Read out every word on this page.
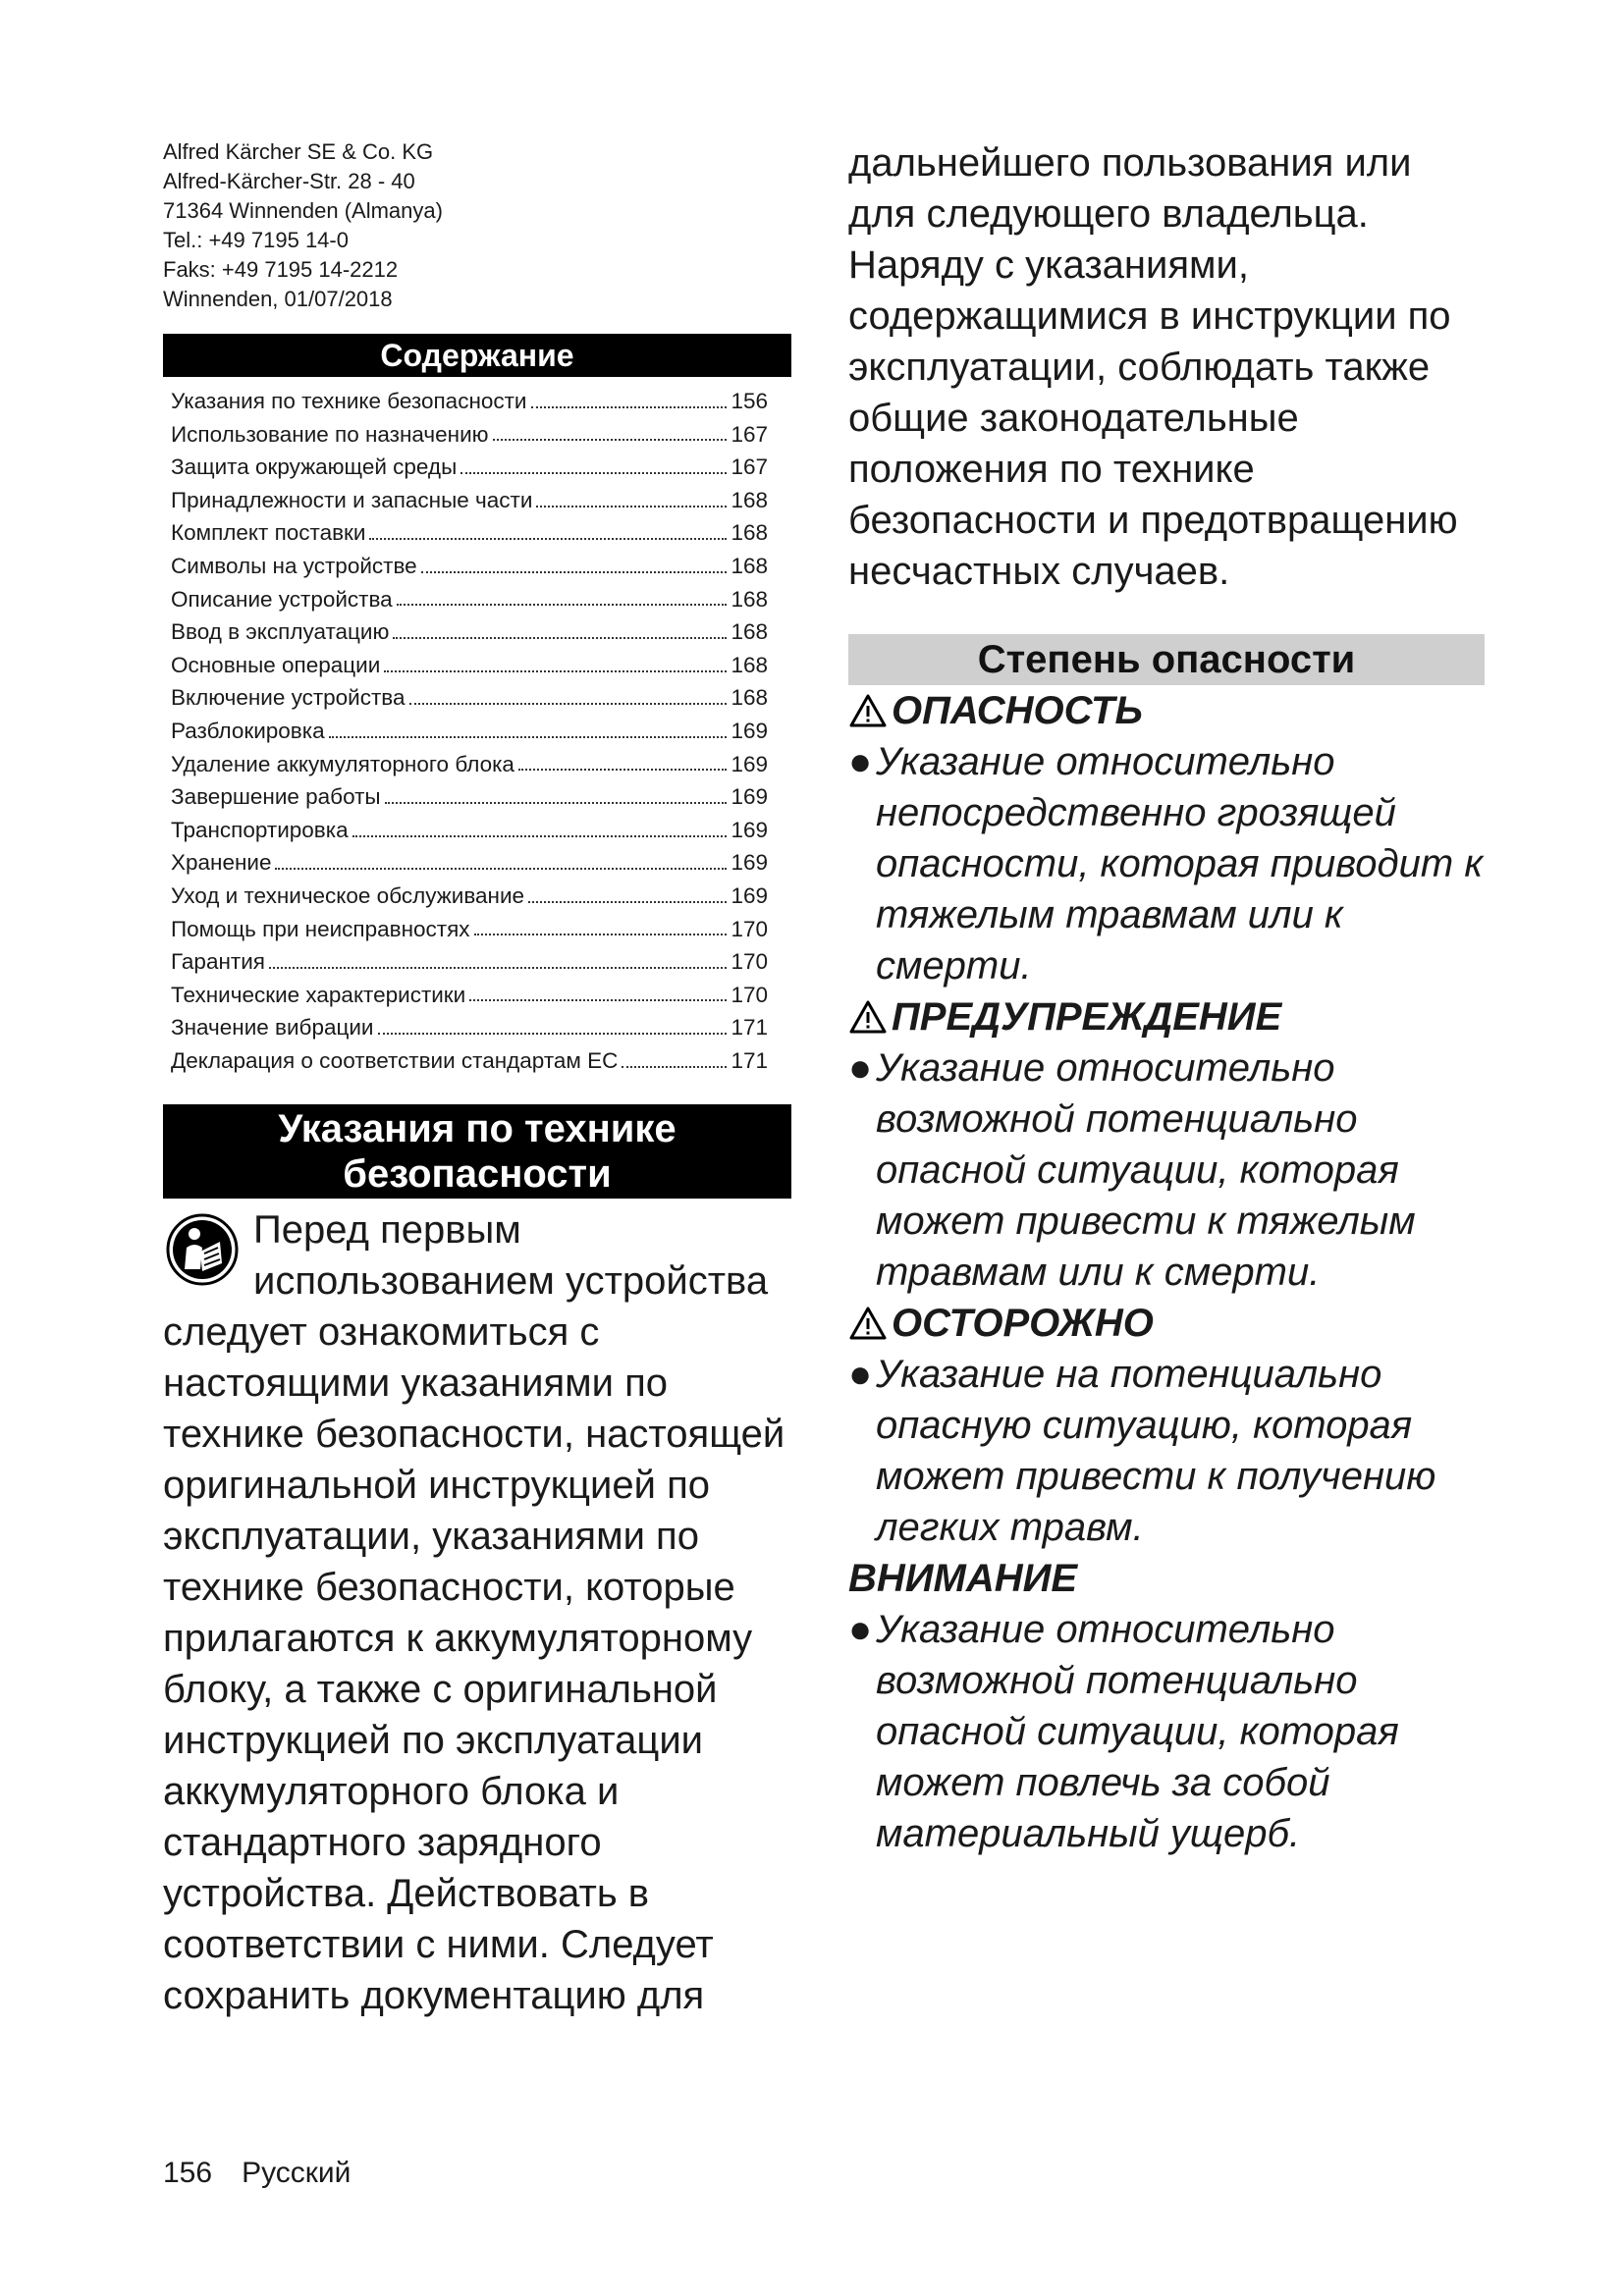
Alfred Kärcher SE & Co. KG
Alfred-Kärcher-Str. 28 - 40
71364 Winnenden (Almanya)
Tel.: +49 7195 14-0
Faks: +49 7195 14-2212
Winnenden, 01/07/2018
Содержание
Указания по технике безопасности	156
Использование по назначению	167
Защита окружающей среды	167
Принадлежности и запасные части	168
Комплект поставки	168
Символы на устройстве	168
Описание устройства	168
Ввод в эксплуатацию	168
Основные операции	168
Включение устройства	168
Разблокировка	169
Удаление аккумуляторного блока	169
Завершение работы	169
Транспортировка	169
Хранение	169
Уход и техническое обслуживание	169
Помощь при неисправностях	170
Гарантия	170
Технические характеристики	170
Значение вибрации	171
Декларация о соответствии стандартам ЕС	171
Указания по технике
безопасности
Перед первым использованием устройства следует ознакомиться с настоящими указаниями по технике безопасности, настоящей оригинальной инструкцией по эксплуатации, указаниями по технике безопасности, которые прилагаются к аккумуляторному блоку, а также с оригинальной инструкцией по эксплуатации аккумуляторного блока и стандартного зарядного устройства. Действовать в соответствии с ними. Следует сохранить документацию для
дальнейшего пользования или для следующего владельца.
Наряду с указаниями, содержащимися в инструкции по эксплуатации, соблюдать также общие законодательные положения по технике безопасности и предотвращению несчастных случаев.
Степень опасности
ОПАСНОСТЬ
●Указание относительно непосредственно грозящей опасности, которая приводит к тяжелым травмам или к смерти.
ПРЕДУПРЕЖДЕНИЕ
●Указание относительно возможной потенциально опасной ситуации, которая может привести к тяжелым травмам или к смерти.
ОСТОРОЖНО
●Указание на потенциально опасную ситуацию, которая может привести к получению легких травм.
ВНИМАНИЕ
●Указание относительно возможной потенциально опасной ситуации, которая может повлечь за собой материальный ущерб.
156 Русский
